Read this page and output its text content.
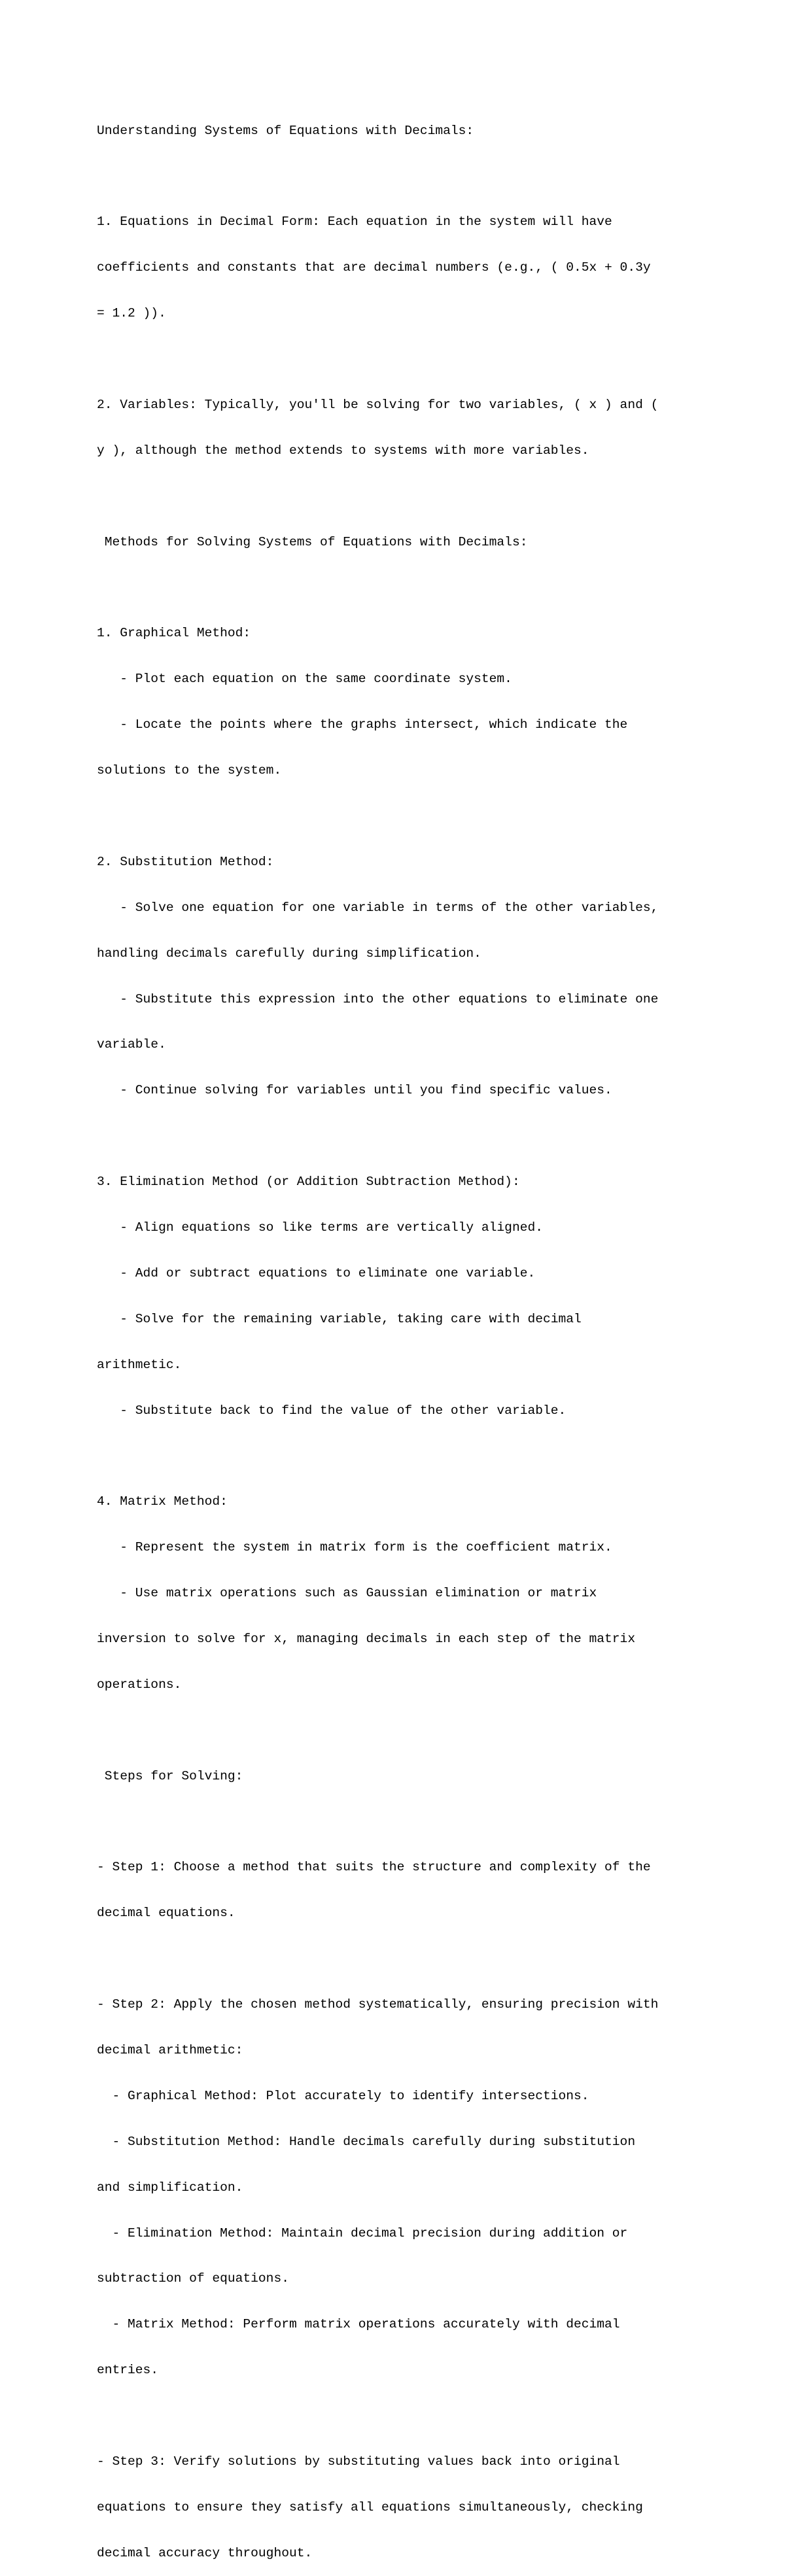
Understanding Systems of Equations with Decimals:

1. Equations in Decimal Form: Each equation in the system will have

coefficients and constants that are decimal numbers (e.g., ( 0.5x + 0.3y

= 1.2 )).

2. Variables: Typically, you'll be solving for two variables, ( x ) and (

y ), although the method extends to systems with more variables.

Methods for Solving Systems of Equations with Decimals:

1. Graphical Method:

- Plot each equation on the same coordinate system.

- Locate the points where the graphs intersect, which indicate the

solutions to the system.

2. Substitution Method:

- Solve one equation for one variable in terms of the other variables,

handling decimals carefully during simplification.

- Substitute this expression into the other equations to eliminate one

variable.

- Continue solving for variables until you find specific values.

3. Elimination Method (or Addition Subtraction Method):

- Align equations so like terms are vertically aligned.

- Add or subtract equations to eliminate one variable.

- Solve for the remaining variable, taking care with decimal

arithmetic.

- Substitute back to find the value of the other variable.

4. Matrix Method:

- Represent the system in matrix form is the coefficient matrix.

- Use matrix operations such as Gaussian elimination or matrix

inversion to solve for x, managing decimals in each step of the matrix

operations.

Steps for Solving:

- Step 1: Choose a method that suits the structure and complexity of the

decimal equations.

- Step 2: Apply the chosen method systematically, ensuring precision with

decimal arithmetic:

- Graphical Method: Plot accurately to identify intersections.

- Substitution Method: Handle decimals carefully during substitution

and simplification.

- Elimination Method: Maintain decimal precision during addition or

subtraction of equations.

- Matrix Method: Perform matrix operations accurately with decimal

entries.

- Step 3: Verify solutions by substituting values back into original

equations to ensure they satisfy all equations simultaneously, checking

decimal accuracy throughout.
